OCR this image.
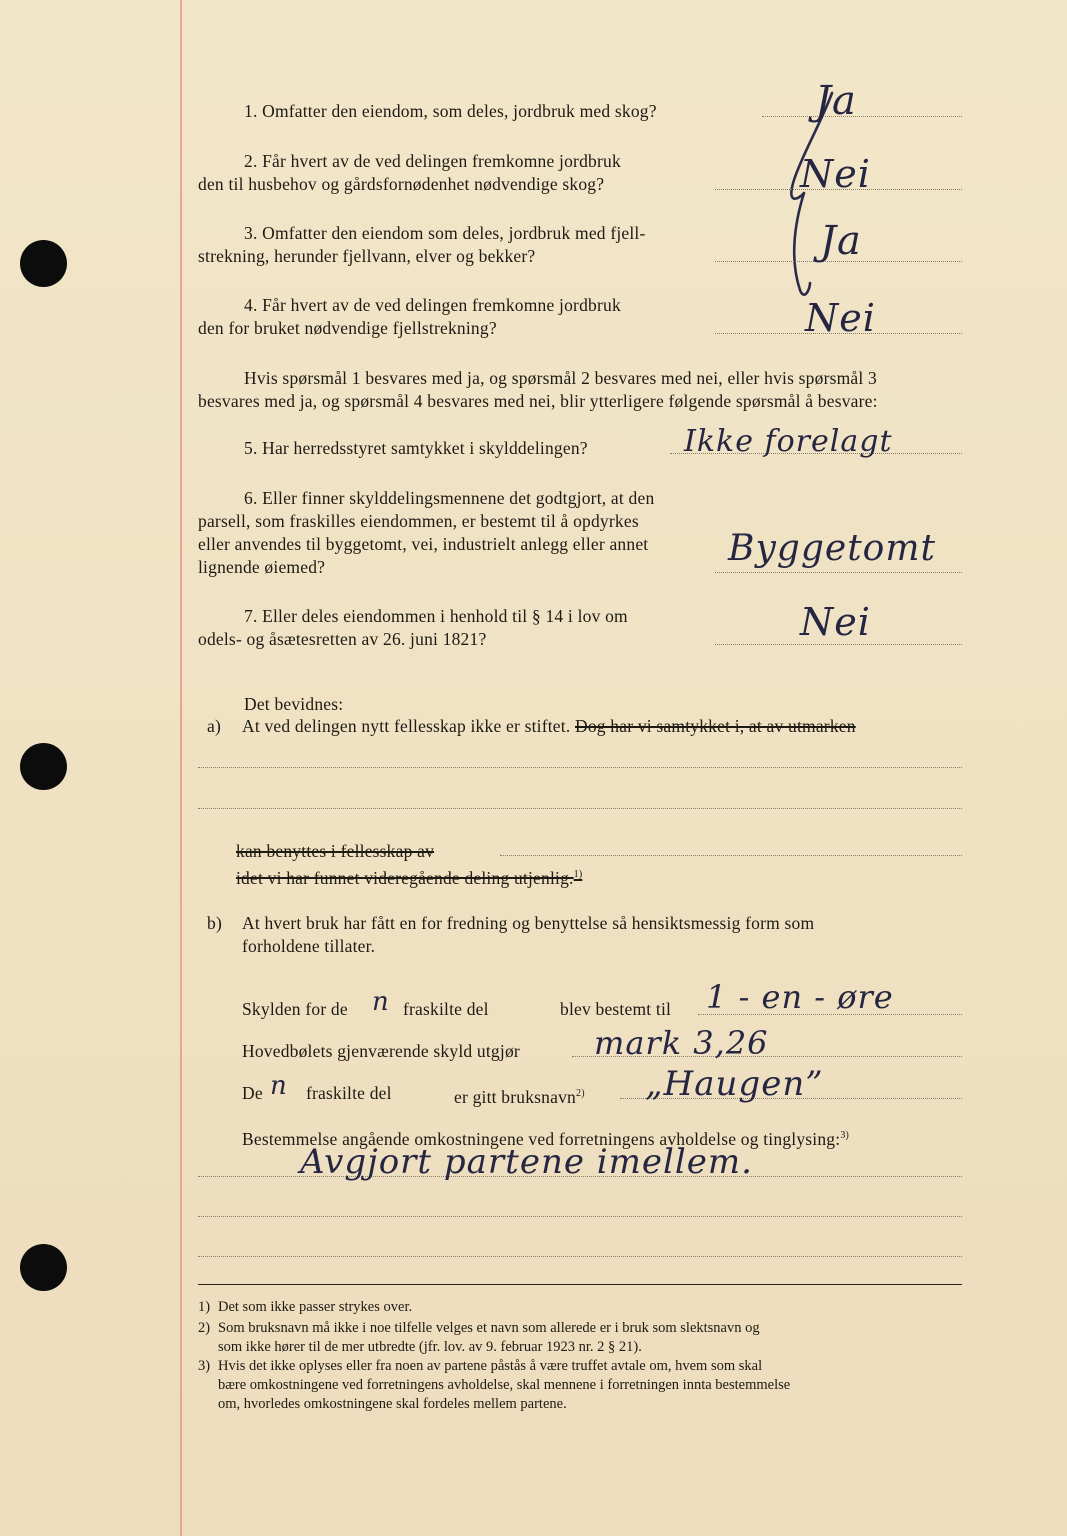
1. Omfatter den eiendom, som deles, jordbruk med skog?	Ja
2. Får hvert av de ved delingen fremkomne jordbruk
den til husbehov og gårdsfornødenhet nødvendige skog?	Nei
3. Omfatter den eiendom som deles, jordbruk med fjell-
strekning, herunder fjellvann, elver og bekker?	Ja
4. Får hvert av de ved delingen fremkomne jordbruk
den for bruket nødvendige fjellstrekning?	Nei
Hvis spørsmål 1 besvares med ja, og spørsmål 2 besvares med nei, eller hvis spørsmål 3
besvares med ja, og spørsmål 4 besvares med nei, blir ytterligere følgende spørsmål å besvare:
5. Har herredsstyret samtykket i skylddelingen?	Ikke forelagt
6. Eller finner skylddelingsmennene det godtgjort, at den
parsell, som fraskilles eiendommen, er bestemt til å opdyrkes
eller anvendes til byggetomt, vei, industrielt anlegg eller annet
lignende øiemed?	Byggetomt
7. Eller deles eiendommen i henhold til § 14 i lov om
odels- og åsætesretten av 26. juni 1821?	Nei
Det bevidnes:
a) At ved delingen nytt fellesskap ikke er stiftet. Dog har vi samtykket i, at av utmarken
kan benyttes i fellesskap av
idet vi har funnet videregående deling utjenlig.$^{1)}$
b) At hvert bruk har fått en for fredning og benyttelse så hensiktsmessig form som
forholdene tillater.
Skylden for de n fraskilte del	blev bestemt til 1 - en - øre
Hovedbølets gjenværende skyld utgjør mark 3,26
De n fraskilte del	er gitt bruksnavn$^{2)}$ „Haugen”
Bestemmelse angående omkostningene ved forretningens avholdelse og tinglysing:$^{3)}$
Avgjort partene imellem.
1) Det som ikke passer strykes over.
2) Som bruksnavn må ikke i noe tilfelle velges et navn som allerede er i bruk som slektsnavn og
som ikke hører til de mer utbredte (jfr. lov. av 9. februar 1923 nr. 2 § 21).
3) Hvis det ikke oplyses eller fra noen av partene påstås å være truffet avtale om, hvem som skal
bære omkostningene ved forretningens avholdelse, skal mennene i forretningen innta bestemmelse
om, hvorledes omkostningene skal fordeles mellem partene.
